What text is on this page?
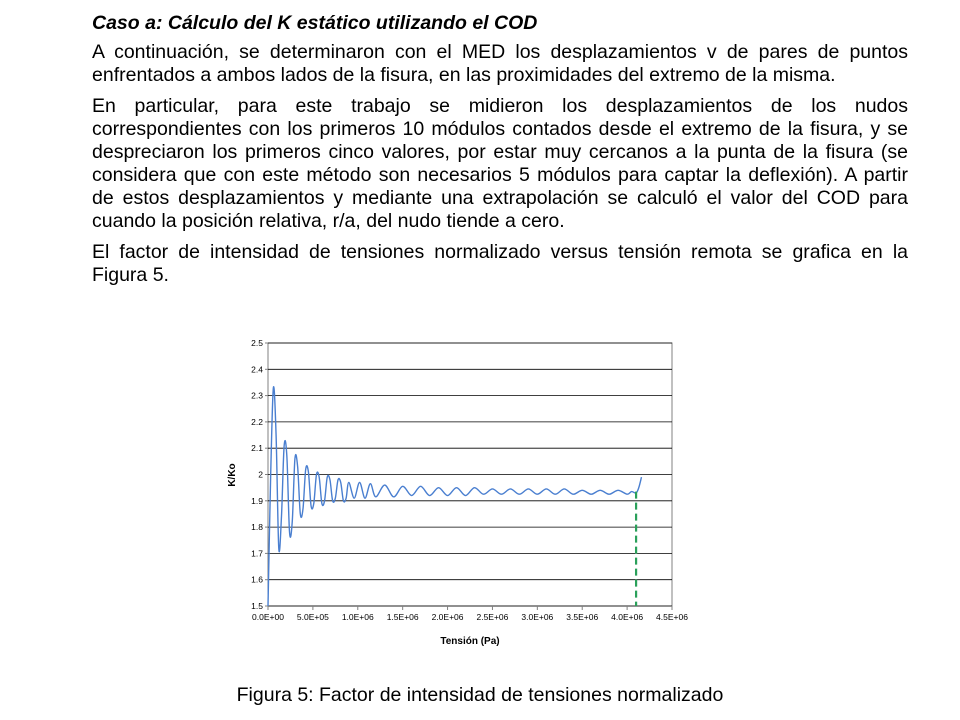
Caso a: Cálculo del K estático utilizando el COD

A continuación, se determinaron con el MED los desplazamientos v de pares de puntos enfrentados a ambos lados de la fisura, en las proximidades del extremo de la misma.

En particular, para este trabajo se midieron los desplazamientos de los nudos correspondientes con los primeros 10 módulos contados desde el extremo de la fisura, y se despreciaron los primeros cinco valores, por estar muy cercanos a la punta de la fisura (se considera que con este método son necesarios 5 módulos para captar la deflexión). A partir de estos desplazamientos y mediante una extrapolación se calculó el valor del COD para cuando la posición relativa, r/a, del nudo tiende a cero.

El factor de intensidad de tensiones normalizado versus tensión remota se grafica en la Figura 5.

0.0E+00 5.0E+05 1.0E+06 1.5E+06 2.0E+06 2.5E+06 3.0E+06 3.5E+06 4.0E+06 4.5E+06
1.5
1.6
1.7
1.8
1.9
2
2.1
2.2
2.3
2.4
2.5
Tensión (Pa)
K/Ko
Figura 5: Factor de intensidad de tensiones normalizado
